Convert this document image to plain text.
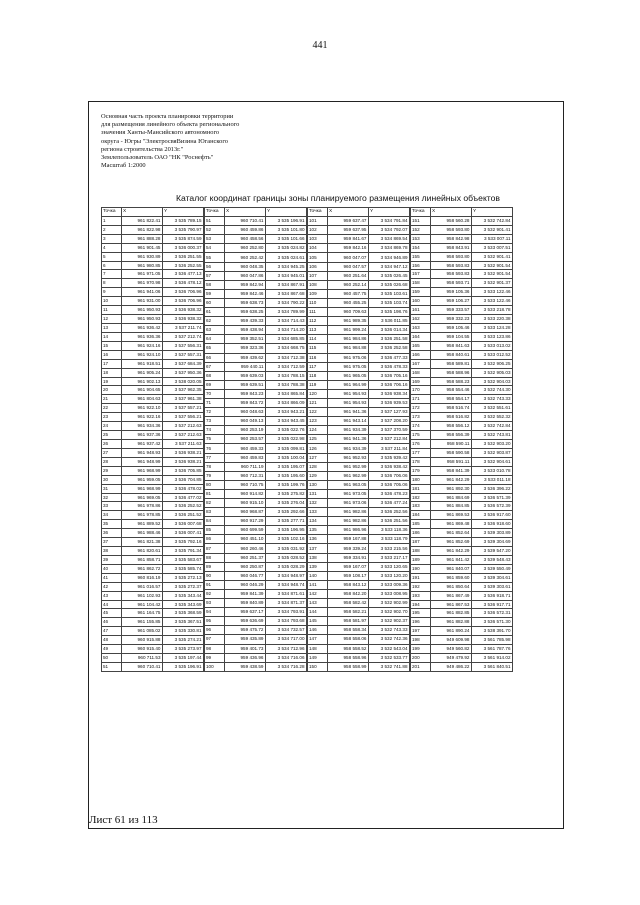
441
Основная часть проекта планировки территории
для размещения линейного объекта регионального
значения Ханты-Мансийского автономного
округа - Югры "ЭлектросвяВизина Юганского
региона строительства 2013г."
Землепользователь ОАО "НК "Роснефть"
Масштаб 1:2000
Каталог координат границы зоны планируемого размещения линейных объектов
Точка	X	Y
1	961 822.41	3 535 789.15
2	961 822.98	3 535 790.97
3	961 888.28	3 535 874.59
4	961 901.45	3 536 000.37
5	961 930.89	3 536 251.55
6	961 980.85	3 536 252.55
7	961 971.05	3 536 477.13
8	961 970.98	3 536 478.12
9	961 941.06	3 536 706.96
10	961 931.00	3 536 706.96
11	961 950.93	3 536 938.32
12	961 950.93	3 536 938.32
13	961 936.42	3 537 211.74
14	961 936.36	3 537 212.74
15	961 924.16	3 537 556.31
16	961 924.10	3 537 557.31
17	961 918.51	3 537 684.39
18	961 905.24	3 537 950.36
19	961 902.13	3 538 020.05
20	961 904.65	3 537 962.35
21	961 804.63	3 537 961.38
22	961 922.10	3 537 557.21
23	961 922.16	3 537 556.21
24	961 934.36	3 537 212.63
25	961 937.36	3 537 212.63
26	961 937.42	3 537 211.63
27	961 948.93	3 536 938.21
28	961 948.99	3 536 938.21
29	961 968.99	3 536 705.85
30	961 959.05	3 536 704.85
31	961 968.99	3 536 478.02
32	961 969.05	3 536 477.02
33	961 978.86	3 536 252.52
34	961 978.85	3 536 251.52
35	961 889.52	3 536 007.68
36	961 988.46	3 536 007.41
37	961 821.38	3 535 792.16
38	961 820.61	3 535 791.34
39	961 858.71	3 535 583.67
40	961 862.72	3 535 585.74
41	960 816.19	3 535 272.13
42	961 016.57	3 535 272.37
43	961 102.93	3 535 343.44
44	961 104.42	3 535 343.69
45	961 164.75	3 535 368.59
46	961 155.85	3 535 367.51
47	961 085.02	3 535 330.81
48	960 915.88	3 535 274.21
49	960 915.40	3 535 273.97
50	960 711.53	3 535 197.44
51	960 710.41	3 535 196.91
Точка	X	Y
51	960 710.41	3 535 196.91
52	960 459.86	3 535 101.80
53	960 458.56	3 535 101.66
54	960 252.80	3 535 024.82
55	960 252.42	3 535 024.61
56	960 048.35	3 534 945.25
57	960 047.86	3 534 945.01
58	959 842.94	3 534 867.91
59	959 842.46	3 534 867.68
60	959 638.73	3 534 790.22
61	959 638.25	3 534 789.99
62	959 439.33	3 534 714.43
63	959 438.94	3 534 714.20
64	959 352.51	3 534 685.85
65	959 323.36	3 534 668.75
66	959 439.62	3 534 712.38
67	959 440.11	3 534 712.59
68	959 639.03	3 534 788.15
69	959 639.51	3 534 788.38
70	959 843.23	3 534 865.84
71	959 843.72	3 534 866.09
72	960 048.63	3 534 943.21
73	960 049.13	3 534 943.45
74	960 253.19	3 535 022.76
75	960 253.57	3 535 022.98
76	960 459.33	3 535 099.81
77	960 459.83	3 535 100.04
78	960 711.19	3 535 195.07
79	960 712.31	3 535 195.60
80	960 710.75	3 535 199.76
81	960 914.82	3 535 275.82
82	960 915.10	3 535 276.04
83	960 968.87	3 535 292.66
84	960 917.29	3 535 277.71
85	960 699.59	3 535 196.95
86	960 451.10	3 535 102.16
87	960 260.46	3 535 031.92
88	960 251.37	3 535 028.52
89	960 250.87	3 535 028.29
90	960 046.77	3 534 948.97
91	960 046.29	3 534 948.74
92	959 841.39	3 534 871.61
93	959 840.89	3 534 871.37
94	959 637.17	3 534 793.91
95	959 636.69	3 534 793.68
96	959 475.72	3 534 732.57
97	959 435.89	3 534 717.00
98	959 401.73	3 534 712.96
99	959 436.96	3 534 716.06
100	959 438.59	3 534 716.28
Точка	X	Y
101	959 637.47	3 534 791.84
102	959 637.95	3 534 792.07
103	959 841.67	3 534 869.54
104	959 842.16	3 534 869.78
105	960 047.07	3 534 946.89
106	960 047.57	3 534 947.12
107	960 251.64	3 535 026.45
108	960 252.14	3 535 026.68
109	960 457.75	3 535 103.61
110	960 455.25	3 535 103.74
111	960 709.63	3 535 198.76
112	961 989.35	3 536 011.85
113	961 999.24	3 536 014.34
114	961 984.86	3 536 251.58
115	961 984.88	3 536 252.58
116	961 975.06	3 536 477.33
117	961 975.05	3 536 478.33
118	961 965.05	3 536 705.16
119	961 964.99	3 536 706.16
120	961 954.93	3 536 938.34
121	961 954.93	3 536 939.53
122	961 941.36	3 537 127.93
123	961 943.14	3 537 208.20
124	961 934.39	3 537 370.59
125	961 941.36	3 537 212.84
126	961 934.39	3 537 211.84
127	961 952.93	3 535 939.42
128	961 952.99	3 536 938.42
129	961 962.99	3 536 706.06
130	961 963.05	3 536 705.06
131	961 973.05	3 536 478.23
132	961 973.06	3 536 477.24
133	961 982.86	3 536 252.56
134	961 982.86	3 536 251.56
135	961 986.96	3 533 118.36
136	959 167.88	3 533 118.79
137	959 339.24	3 533 215.56
138	959 334.91	3 533 217.17
139	959 167.07	3 533 120.65
140	959 108.17	3 533 120.20
141	958 843.12	3 533 009.36
142	958 842.20	3 533 008.95
143	958 582.42	3 532 902.99
144	958 582.21	3 532 902.70
145	958 581.97	3 532 902.37
146	958 558.34	3 532 743.33
147	958 558.06	3 532 742.36
148	958 558.52	3 532 543.04
149	958 558.96	3 532 533.77
150	958 558.99	3 532 741.88
Точка	X	Y
151	958 560.28	3 532 742.84
152	958 593.80	3 532 901.41
153	958 842.98	3 533 007.11
154	958 843.91	3 533 007.51
155	958 593.80	3 532 901.41
156	958 593.83	3 532 901.54
157	958 593.83	3 532 901.54
158	958 593.71	3 532 901.37
159	959 105.36	3 533 122.46
160	959 106.27	3 533 122.46
161	959 333.57	3 533 218.78
162	959 332.23	3 533 220.38
163	959 105.46	3 533 124.28
164	959 104.55	3 533 123.86
165	958 841.63	3 533 013.02
166	958 840.61	3 533 012.52
167	958 589.81	3 532 906.25
168	958 588.96	3 532 905.03
169	958 588.23	3 532 904.03
170	958 554.46	3 532 744.30
171	958 554.17	3 532 743.33
172	958 516.74	3 532 551.61
173	958 516.82	3 532 552.32
174	958 556.12	3 532 742.84
175	958 556.39	3 532 743.81
176	958 590.11	3 532 903.20
177	958 590.58	3 532 903.87
178	958 591.11	3 532 904.61
179	958 841.39	3 533 010.78
180	961 842.29	3 533 011.18
181	961 892.30	3 536 396.22
182	961 884.69	3 536 571.39
183	961 884.85	3 536 572.39
184	961 869.53	3 536 917.60
185	961 869.48	3 536 918.60
186	961 852.64	3 539 303.89
187	961 852.69	3 539 304.69
188	961 842.29	3 539 547.20
189	961 841.42	3 539 548.43
190	961 840.07	3 539 550.49
191	961 859.60	3 539 304.61
192	961 850.64	3 539 303.61
193	961 867.49	3 536 918.71
194	961 867.53	3 536 917.71
195	961 882.85	3 536 572.31
196	961 882.88	3 536 571.30
197	961 890.24	3 538 391.70
198	949 609.98	3 561 785.98
199	949 560.82	3 561 787.76
200	949 479.92	3 561 914.02
201	949 486.22	3 561 840.51
Лист 61 из 113
